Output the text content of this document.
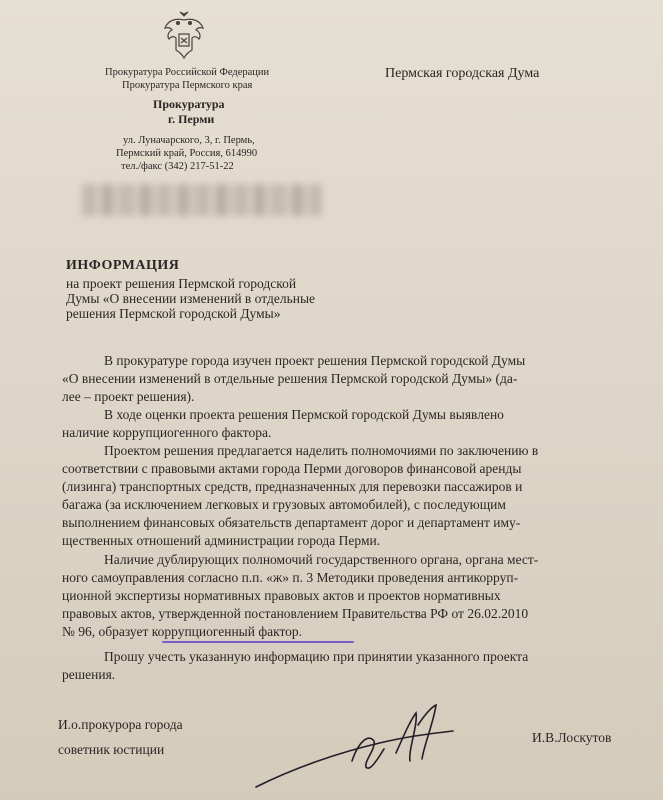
Прокуратура Российской Федерации
Прокуратура Пермского края
Прокуратура
г. Перми
ул. Луначарского, 3, г. Пермь,
Пермский край, Россия, 614990
тел./факс (342) 217-51-22
Пермская городская Дума
ИНФОРМАЦИЯ
на проект решения Пермской городской
Думы «О внесении изменений в отдельные
решения Пермской городской Думы»
В прокуратуре города изучен проект решения Пермской городской Думы
«О внесении изменений в отдельные решения Пермской городской Думы» (да-
лее – проект решения).
В ходе оценки проекта решения Пермской городской Думы выявлено
наличие коррупциогенного фактора.
Проектом решения предлагается наделить полномочиями по заключению в
соответствии с правовыми актами города Перми договоров финансовой аренды
(лизинга) транспортных средств, предназначенных для перевозки пассажиров и
багажа (за исключением легковых и грузовых автомобилей), с последующим
выполнением финансовых обязательств департамент дорог и департамент иму-
щественных отношений администрации города Перми.
Наличие дублирующих полномочий государственного органа, органа мест-
ного самоуправления согласно п.п. «ж» п. 3 Методики проведения антикорруп-
ционной экспертизы нормативных правовых актов и проектов нормативных
правовых актов, утвержденной постановлением Правительства РФ от 26.02.2010
№ 96, образует коррупциогенный фактор.
Прошу учесть указанную информацию при принятии указанного проекта
решения.
И.о.прокурора города
советник юстиции
И.В.Лоскутов
